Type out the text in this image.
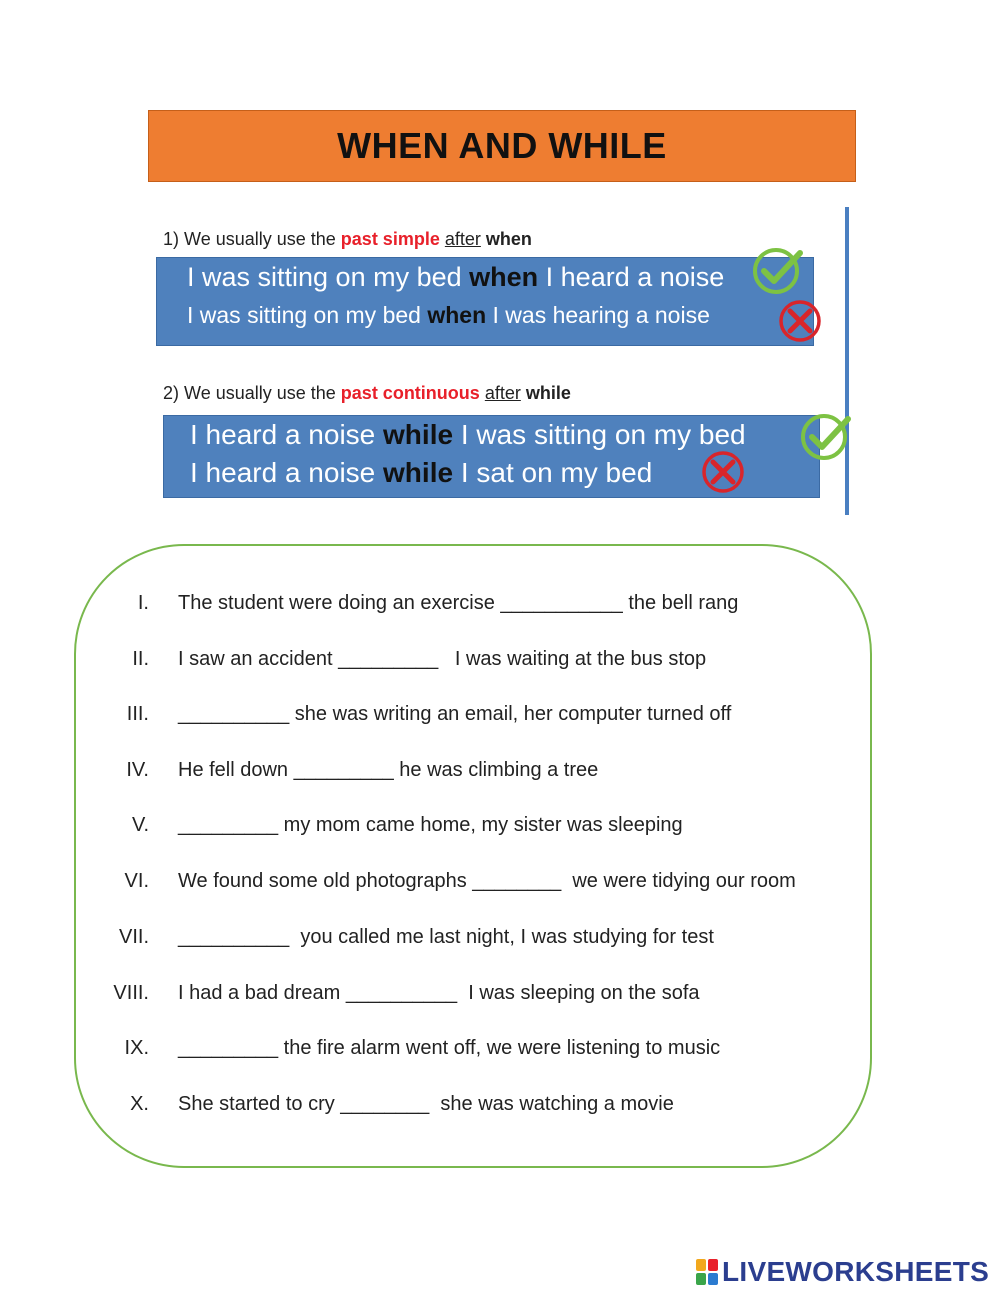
WHEN AND WHILE
1) We usually use the past simple after when
I was sitting on my bed when I heard a noise
I was sitting on my bed when I was hearing a noise
2) We usually use the past continuous after while
I heard a noise while I was sitting on my bed
I heard a noise while I sat on my bed
I. The student were doing an exercise ___________ the bell rang
II. I saw an accident _________   I was waiting at the bus stop
III. __________ she was writing an email, her computer turned off
IV. He fell down _________ he was climbing a tree
V. _________ my mom came home, my sister was sleeping
VI. We found some old photographs ________  we were tidying our room
VII. __________  you called me last night, I was studying for test
VIII. I had a bad dream __________  I was sleeping on the sofa
IX. _________ the fire alarm went off, we were listening to music
X. She started to cry ________  she was watching a movie
LIVEWORKSHEETS
